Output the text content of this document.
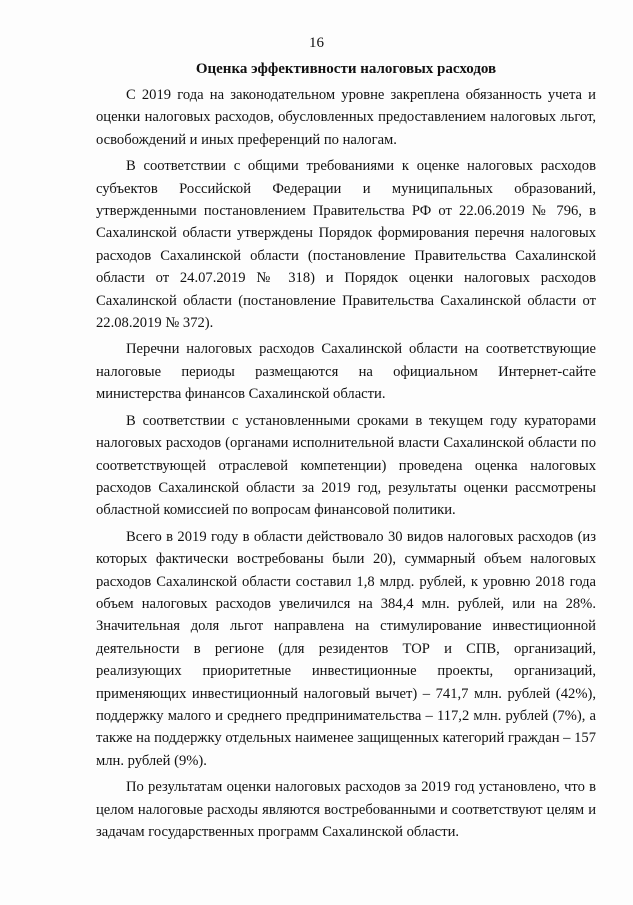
16
Оценка эффективности налоговых расходов

С 2019 года на законодательном уровне закреплена обязанность учета и оценки налоговых расходов, обусловленных предоставлением налоговых льгот, освобождений и иных преференций по налогам.

В соответствии с общими требованиями к оценке налоговых расходов субъектов Российской Федерации и муниципальных образований, утвержденными постановлением Правительства РФ от 22.06.2019 № 796, в Сахалинской области утверждены Порядок формирования перечня налоговых расходов Сахалинской области (постановление Правительства Сахалинской области от 24.07.2019 № 318) и Порядок оценки налоговых расходов Сахалинской области (постановление Правительства Сахалинской области от 22.08.2019 № 372).

Перечни налоговых расходов Сахалинской области на соответствующие налоговые периоды размещаются на официальном Интернет-сайте министерства финансов Сахалинской области.

В соответствии с установленными сроками в текущем году кураторами налоговых расходов (органами исполнительной власти Сахалинской области по соответствующей отраслевой компетенции) проведена оценка налоговых расходов Сахалинской области за 2019 год, результаты оценки рассмотрены областной комиссией по вопросам финансовой политики.

Всего в 2019 году в области действовало 30 видов налоговых расходов (из которых фактически востребованы были 20), суммарный объем налоговых расходов Сахалинской области составил 1,8 млрд. рублей, к уровню 2018 года объем налоговых расходов увеличился на 384,4 млн. рублей, или на 28%. Значительная доля льгот направлена на стимулирование инвестиционной деятельности в регионе (для резидентов ТОР и СПВ, организаций, реализующих приоритетные инвестиционные проекты, организаций, применяющих инвестиционный налоговый вычет) – 741,7 млн. рублей (42%), поддержку малого и среднего предпринимательства – 117,2 млн. рублей (7%), а также на поддержку отдельных наименее защищенных категорий граждан – 157 млн. рублей (9%).

По результатам оценки налоговых расходов за 2019 год установлено, что в целом налоговые расходы являются востребованными и соответствуют целям и задачам государственных программ Сахалинской области.
